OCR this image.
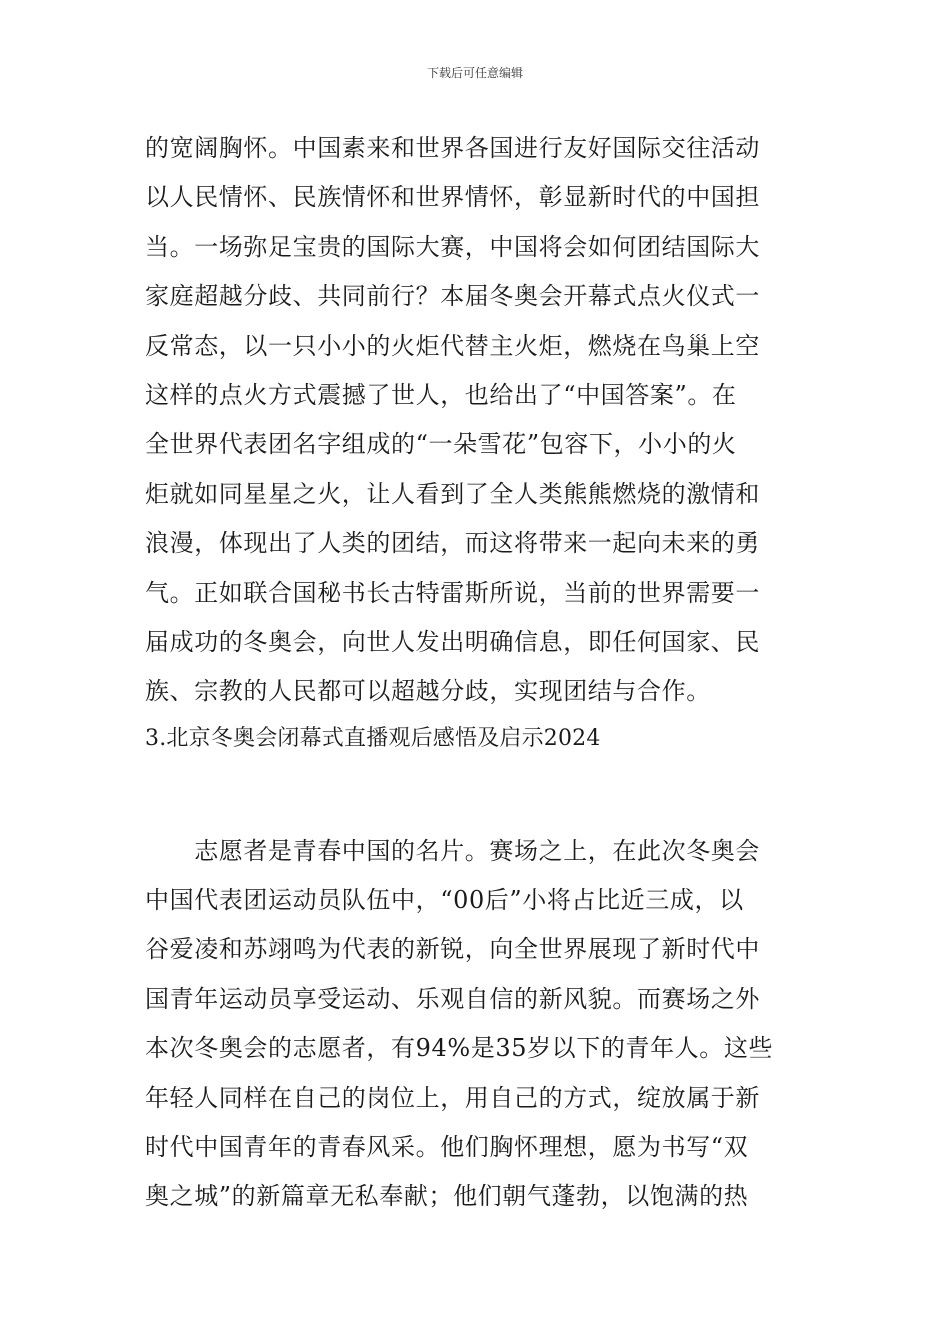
下载后可任意编辑
的宽阔胸怀。中国素来和世界各国进行友好国际交往活动
以人民情怀、民族情怀和世界情怀，彰显新时代的中国担
当。一场弥足宝贵的国际大赛，中国将会如何团结国际大
家庭超越分歧、共同前行？本届冬奥会开幕式点火仪式一
反常态，以一只小小的火炬代替主火炬，燃烧在鸟巢上空
这样的点火方式震撼了世人，也给出了“中国答案”。在
全世界代表团名字组成的“一朵雪花”包容下，小小的火
炬就如同星星之火，让人看到了全人类熊熊燃烧的激情和
浪漫，体现出了人类的团结，而这将带来一起向未来的勇
气。正如联合国秘书长古特雷斯所说，当前的世界需要一
届成功的冬奥会，向世人发出明确信息，即任何国家、民
族、宗教的人民都可以超越分歧，实现团结与合作。
3.北京冬奥会闭幕式直播观后感悟及启示2024
　　志愿者是青春中国的名片。赛场之上，在此次冬奥会
中国代表团运动员队伍中，“00后”小将占比近三成，以
谷爱凌和苏翊鸣为代表的新锐，向全世界展现了新时代中
国青年运动员享受运动、乐观自信的新风貌。而赛场之外
本次冬奥会的志愿者，有94%是35岁以下的青年人。这些
年轻人同样在自己的岗位上，用自己的方式，绽放属于新
时代中国青年的青春风采。他们胸怀理想，愿为书写“双
奥之城”的新篇章无私奉献；他们朝气蓬勃，以饱满的热
